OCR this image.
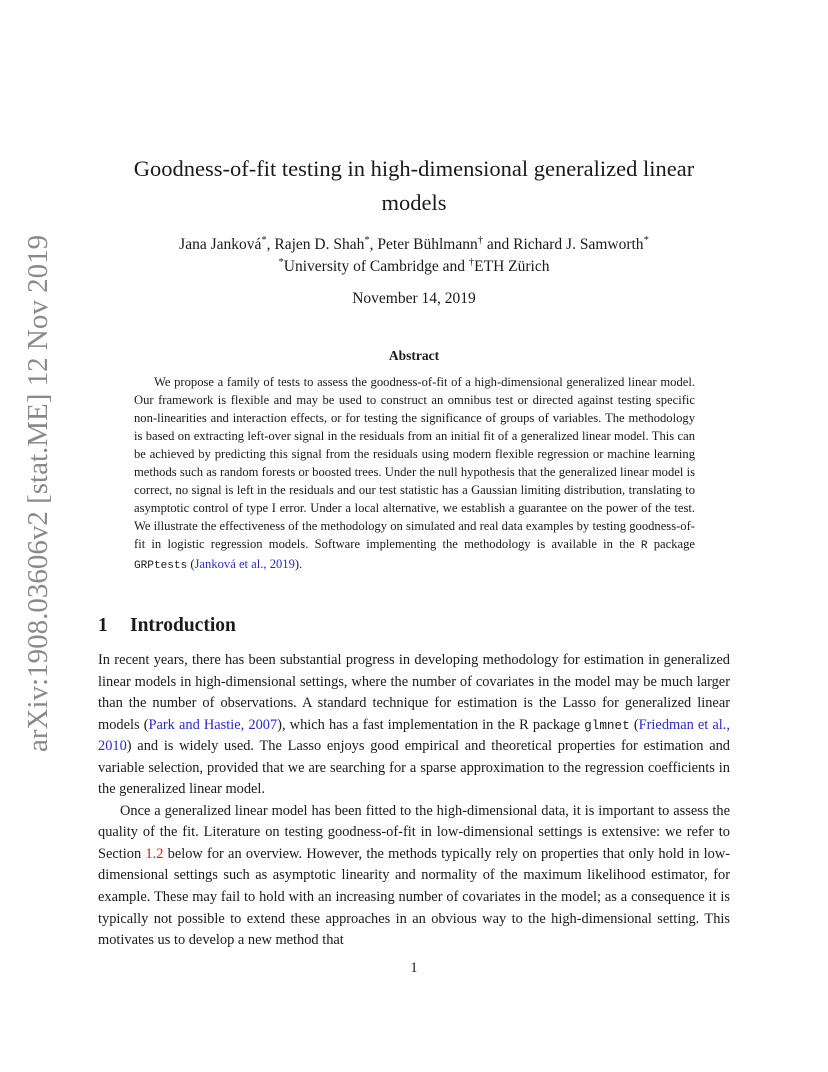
arXiv:1908.03606v2 [stat.ME] 12 Nov 2019
Goodness-of-fit testing in high-dimensional generalized linear
models
Jana Janková*, Rajen D. Shah*, Peter Bühlmann† and Richard J. Samworth*
*University of Cambridge and †ETH Zürich
November 14, 2019
Abstract
We propose a family of tests to assess the goodness-of-fit of a high-dimensional generalized linear model. Our framework is flexible and may be used to construct an omnibus test or directed against testing specific non-linearities and interaction effects, or for testing the significance of groups of variables. The methodology is based on extracting left-over signal in the residuals from an initial fit of a generalized linear model. This can be achieved by predicting this signal from the residuals using modern flexible regression or machine learning methods such as random forests or boosted trees. Under the null hypothesis that the generalized linear model is correct, no signal is left in the residuals and our test statistic has a Gaussian limiting distribution, translating to asymptotic control of type I error. Under a local alternative, we establish a guarantee on the power of the test. We illustrate the effectiveness of the methodology on simulated and real data examples by testing goodness-of-fit in logistic regression models. Software implementing the methodology is available in the R package GRPtests (Janková et al., 2019).
1 Introduction

In recent years, there has been substantial progress in developing methodology for estimation in generalized linear models in high-dimensional settings, where the number of covariates in the model may be much larger than the number of observations. A standard technique for estimation is the Lasso for generalized linear models (Park and Hastie, 2007), which has a fast implementation in the R package glmnet (Friedman et al., 2010) and is widely used. The Lasso enjoys good empirical and theoretical properties for estimation and variable selection, provided that we are searching for a sparse approximation to the regression coefficients in the generalized linear model.

Once a generalized linear model has been fitted to the high-dimensional data, it is important to assess the quality of the fit. Literature on testing goodness-of-fit in low-dimensional settings is extensive: we refer to Section 1.2 below for an overview. However, the methods typically rely on properties that only hold in low-dimensional settings such as asymptotic linearity and normality of the maximum likelihood estimator, for example. These may fail to hold with an increasing number of covariates in the model; as a consequence it is typically not possible to extend these approaches in an obvious way to the high-dimensional setting. This motivates us to develop a new method that

1
